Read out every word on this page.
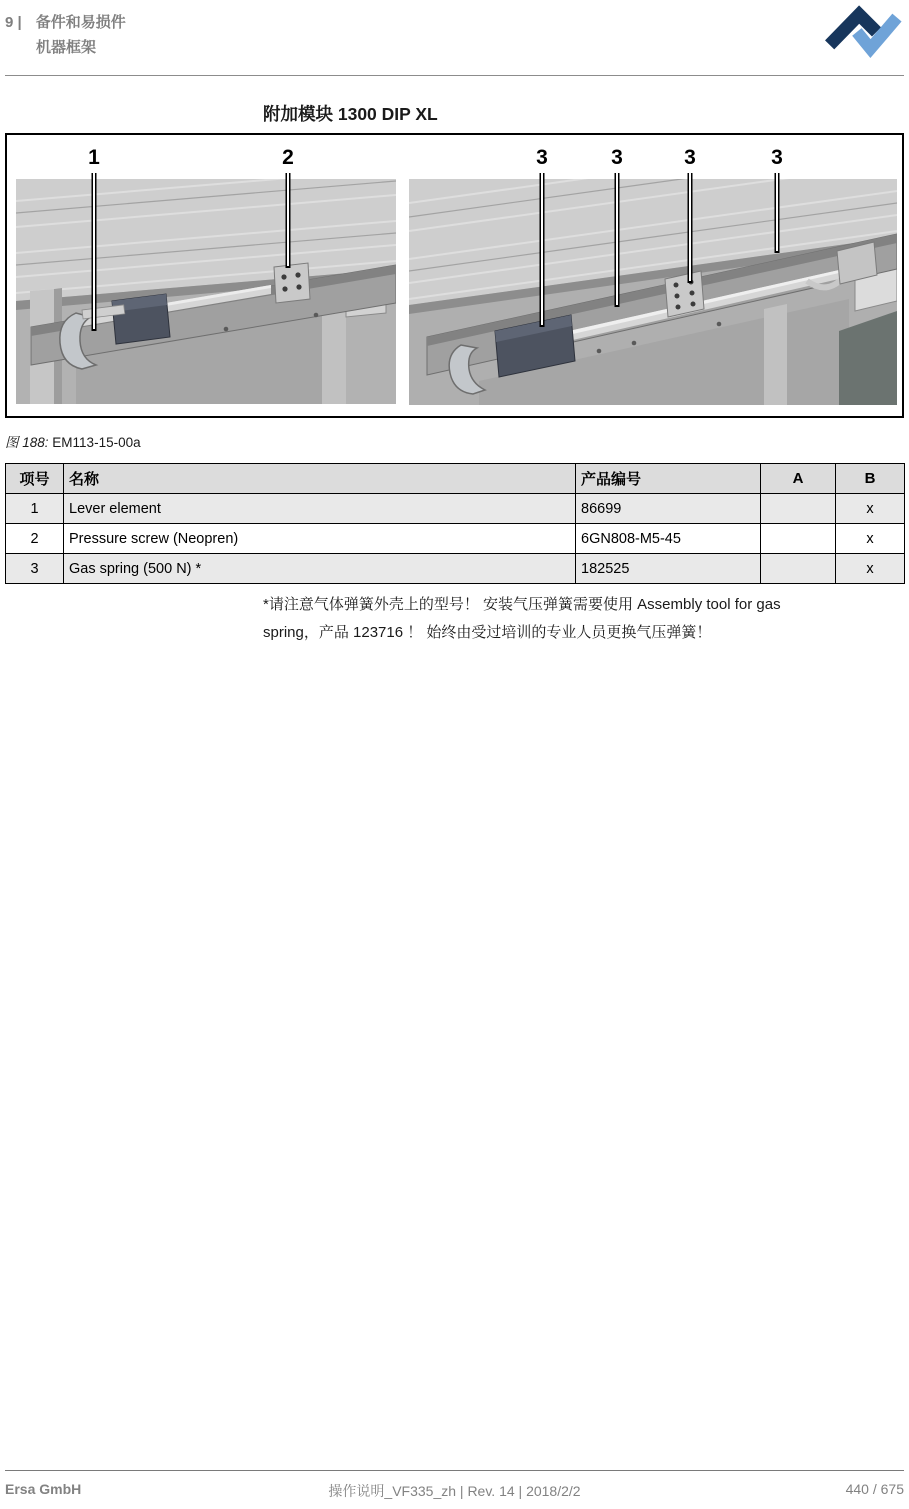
9 | 备件和易损件
机器框架
附加模块 1300 DIP XL
1	2	3	3	3	3
图 188: EM113-15-00a
项号	名称	产品编号	A	B
1	Lever element	86699		x
2	Pressure screw (Neopren)	6GN808-M5-45		x
3	Gas spring (500 N) *	182525		x
*请注意气体弹簧外壳上的型号！ 安装气压弹簧需要使用 Assembly tool for gas
spring，产品 123716 ！ 始终由受过培训的专业人员更换气压弹簧！
Ersa GmbH	操作说明_VF335_zh | Rev. 14 | 2018/2/2	440 / 675
